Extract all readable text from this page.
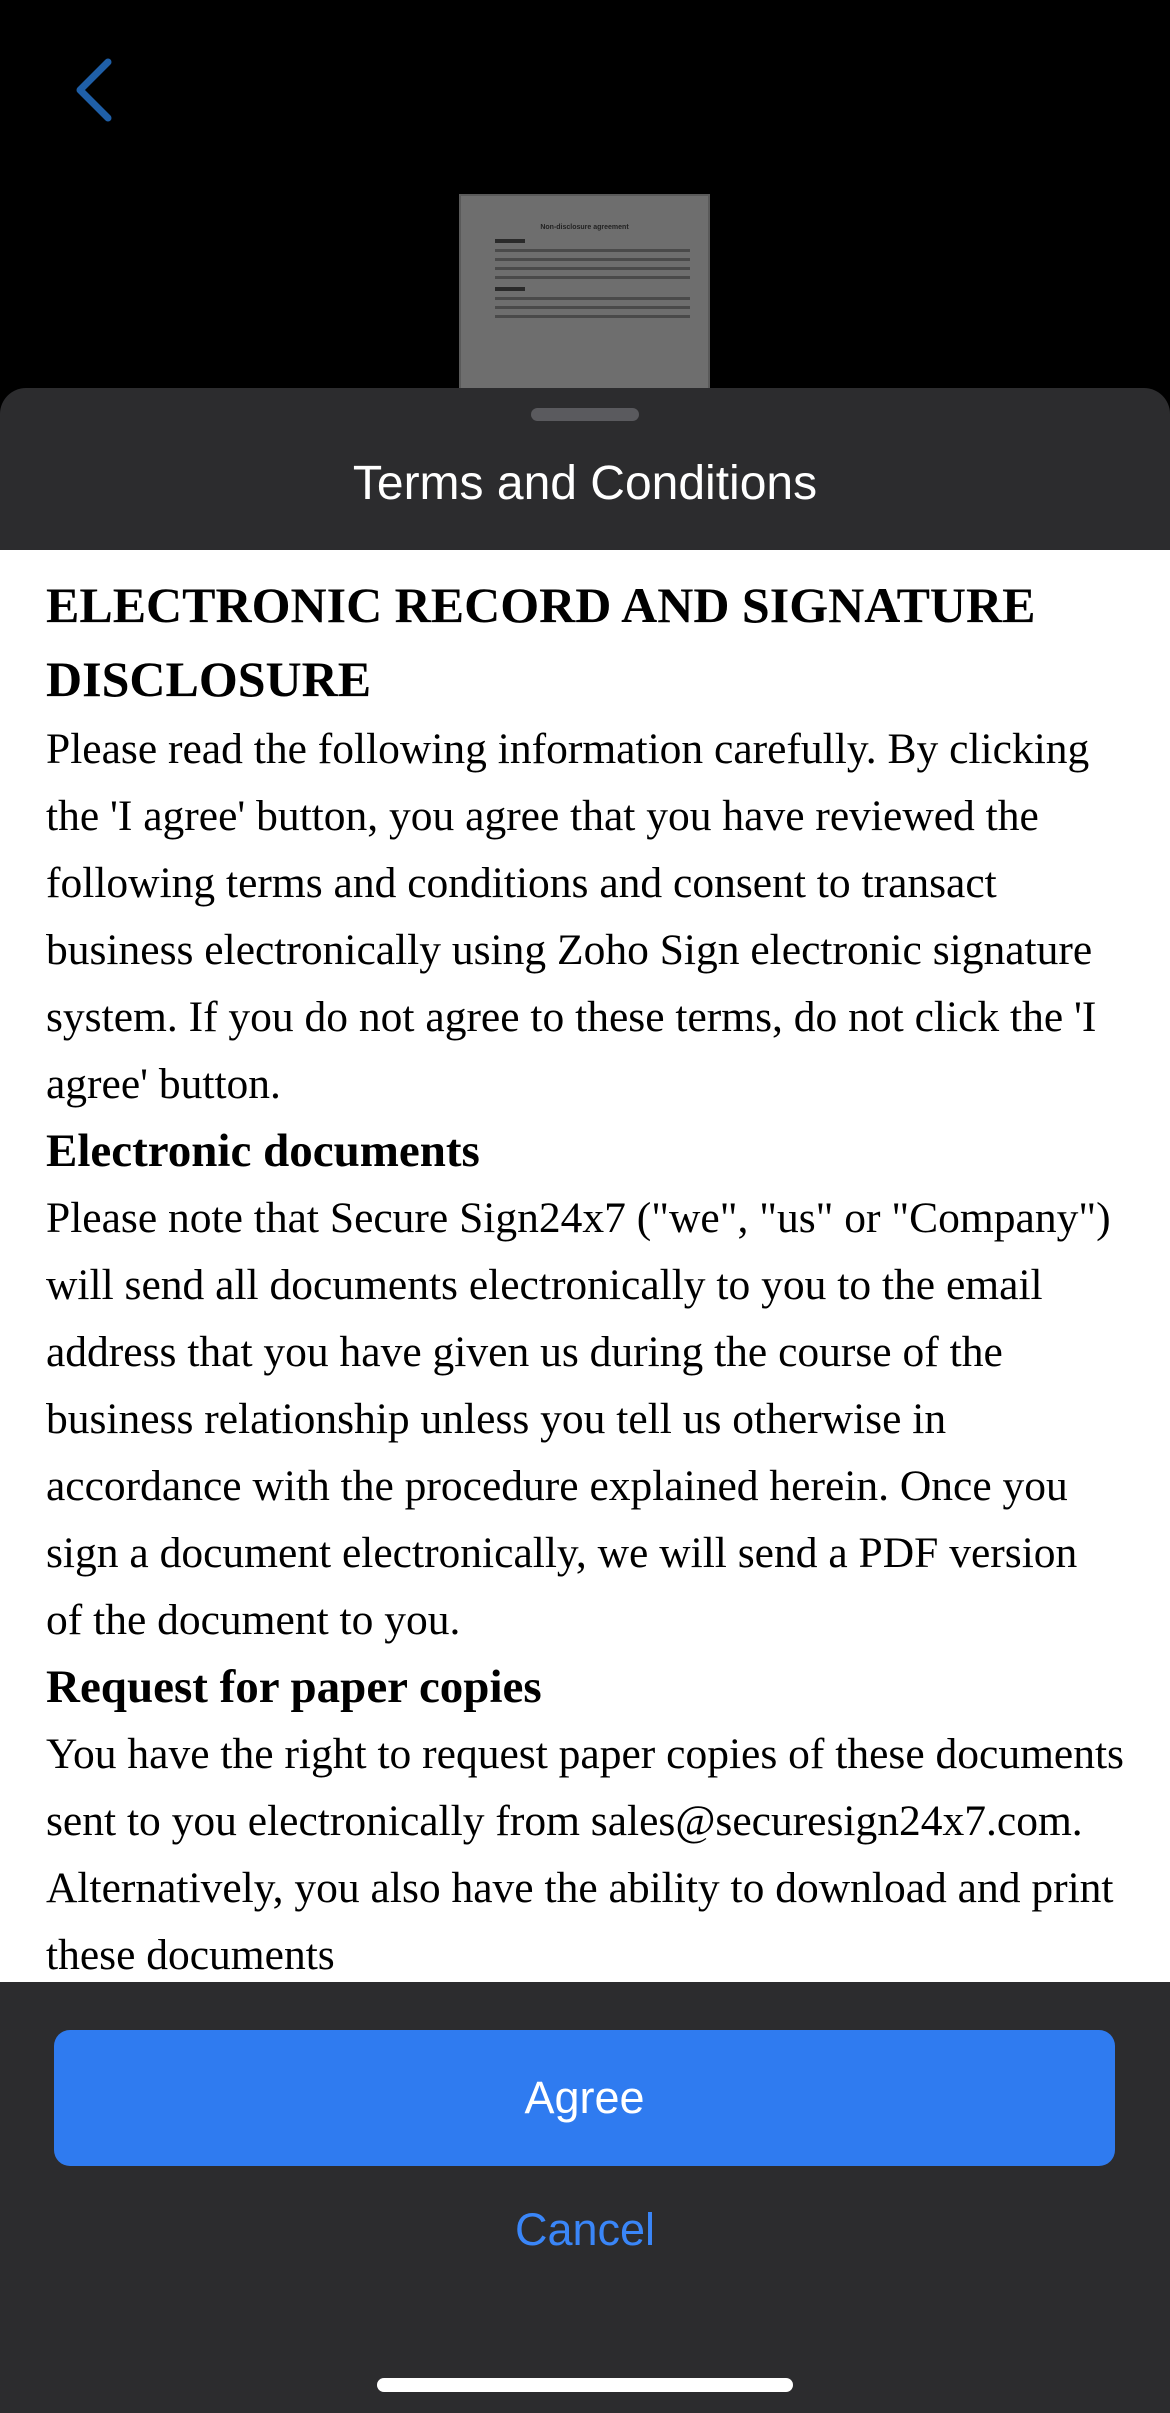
Non-disclosure agreement
Terms and Conditions
ELECTRONIC RECORD AND SIGNATURE DISCLOSURE

Please read the following information carefully. By clicking the 'I agree' button, you agree that you have reviewed the following terms and conditions and consent to transact business electronically using Zoho Sign electronic signature system. If you do not agree to these terms, do not click the 'I agree' button.

Electronic documents

Please note that Secure Sign24x7 ("we", "us" or "Company") will send all documents electronically to you to the email address that you have given us during the course of the business relationship unless you tell us otherwise in accordance with the procedure explained herein. Once you sign a document electronically, we will send a PDF version of the document to you.

Request for paper copies

You have the right to request paper copies of these documents sent to you electronically from sales@securesign24x7.com. Alternatively, you also have the ability to download and print these documents

Agree
Cancel
